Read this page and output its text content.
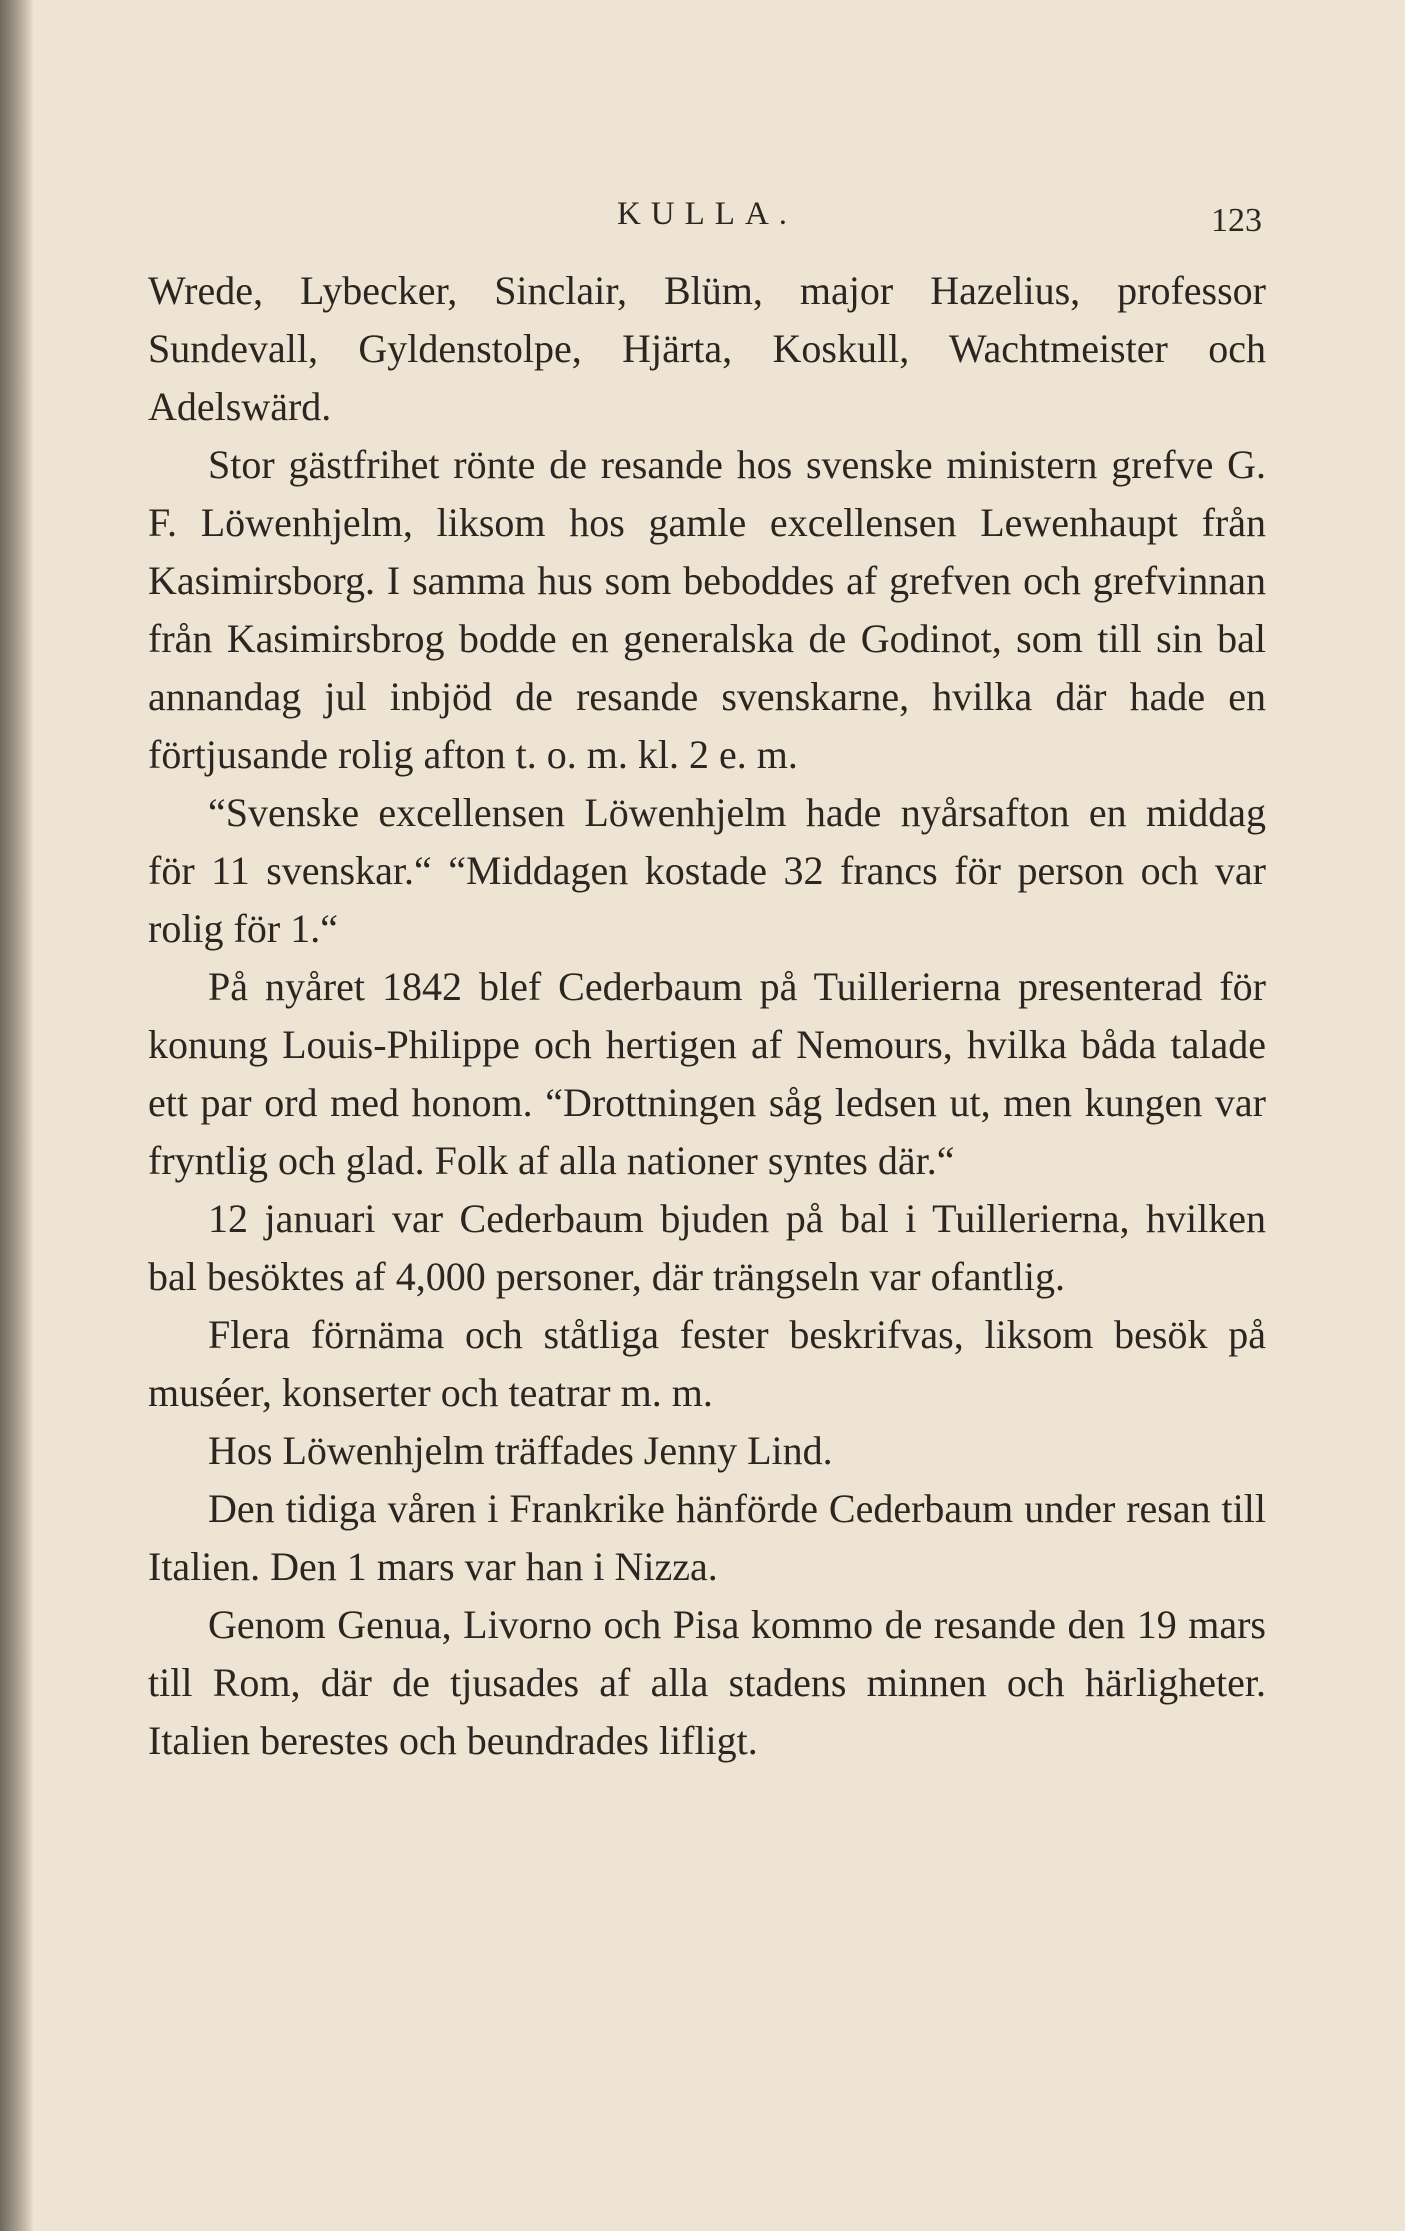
KULLA.	123

Wrede, Lybecker, Sinclair, Blüm, major Hazelius, professor Sundevall, Gyldenstolpe, Hjärta, Koskull, Wachtmeister och Adelswärd.

Stor gästfrihet rönte de resande hos svenske ministern grefve G. F. Löwenhjelm, liksom hos gamle excellensen Lewenhaupt från Kasimirsborg. I samma hus som beboddes af grefven och grefvinnan från Kasimirsbrog bodde en generalska de Godinot, som till sin bal annandag jul inbjöd de resande svenskarne, hvilka där hade en förtjusande rolig afton t. o. m. kl. 2 e. m.

“Svenske excellensen Löwenhjelm hade nyårsafton en middag för 11 svenskar.“ “Middagen kostade 32 francs för person och var rolig för 1.“

På nyåret 1842 blef Cederbaum på Tuillerierna presenterad för konung Louis-Philippe och hertigen af Nemours, hvilka båda talade ett par ord med honom. “Drottningen såg ledsen ut, men kungen var fryntlig och glad. Folk af alla nationer syntes där.“

12 januari var Cederbaum bjuden på bal i Tuillerierna, hvilken bal besöktes af 4,000 personer, där trängseln var ofantlig.

Flera förnäma och ståtliga fester beskrifvas, liksom besök på muséer, konserter och teatrar m. m.

Hos Löwenhjelm träffades Jenny Lind.

Den tidiga våren i Frankrike hänförde Cederbaum under resan till Italien. Den 1 mars var han i Nizza.

Genom Genua, Livorno och Pisa kommo de resande den 19 mars till Rom, där de tjusades af alla stadens minnen och härligheter. Italien berestes och beundrades lifligt.
